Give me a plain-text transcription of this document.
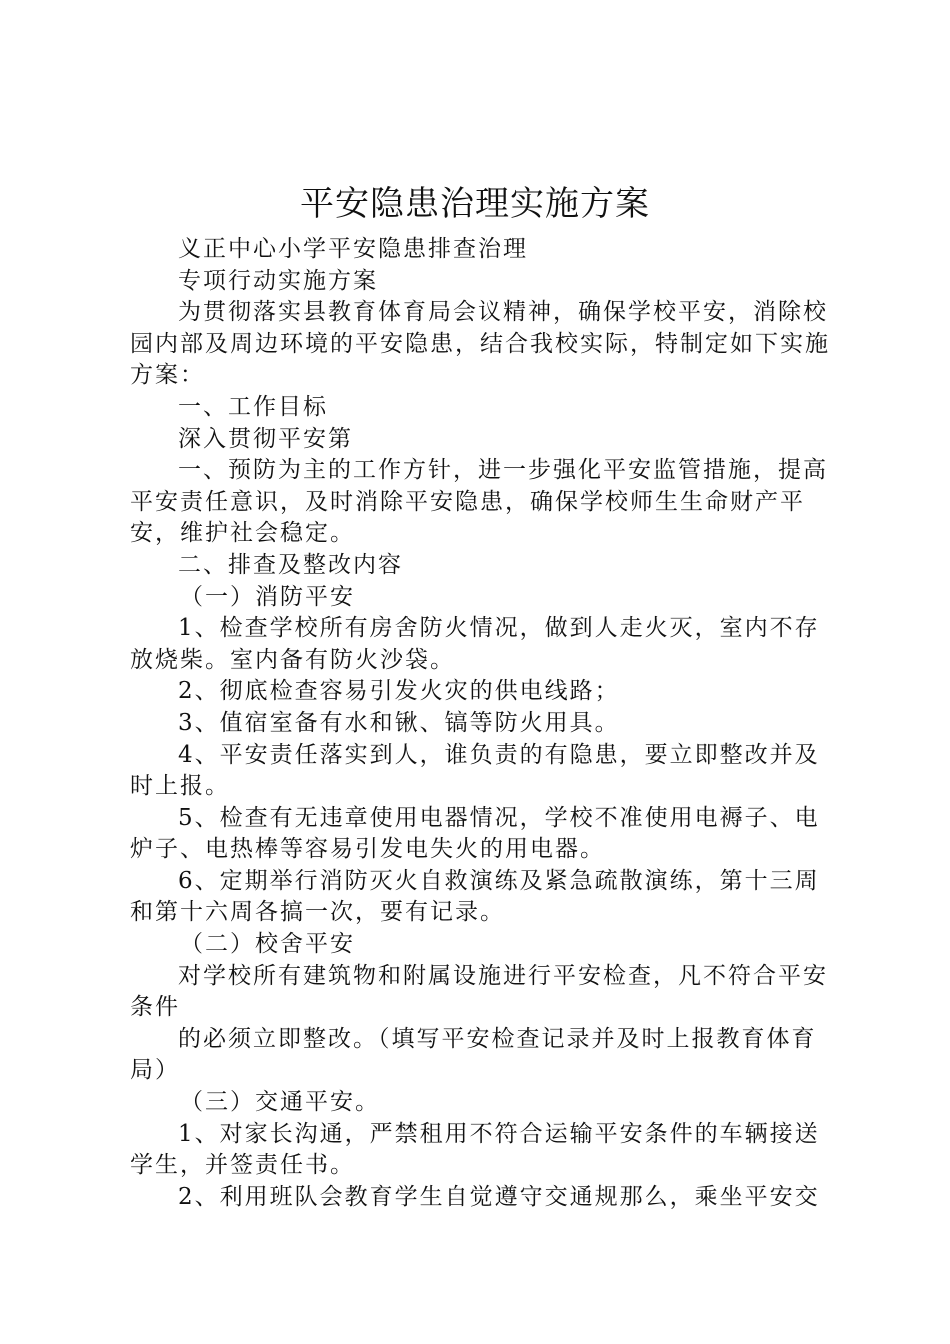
平安隐患治理实施方案

义正中心小学平安隐患排查治理

专项行动实施方案

为贯彻落实县教育体育局会议精神，确保学校平安，消除校园内部及周边环境的平安隐患，结合我校实际，特制定如下实施方案：

一、工作目标

深入贯彻平安第

一、预防为主的工作方针，进一步强化平安监管措施，提高平安责任意识，及时消除平安隐患，确保学校师生生命财产平安，维护社会稳定。

二、排查及整改内容

（一）消防平安

1、检查学校所有房舍防火情况，做到人走火灭，室内不存放烧柴。室内备有防火沙袋。

2、彻底检查容易引发火灾的供电线路；

3、值宿室备有水和锹、镐等防火用具。

4、平安责任落实到人，谁负责的有隐患，要立即整改并及时上报。

5、检查有无违章使用电器情况，学校不准使用电褥子、电炉子、电热棒等容易引发电失火的用电器。

6、定期举行消防灭火自救演练及紧急疏散演练，第十三周和第十六周各搞一次，要有记录。

（二）校舍平安

对学校所有建筑物和附属设施进行平安检查，凡不符合平安条件

的必须立即整改。（填写平安检查记录并及时上报教育体育局）

（三）交通平安。

1、对家长沟通，严禁租用不符合运输平安条件的车辆接送学生，并签责任书。

2、利用班队会教育学生自觉遵守交通规那么，乘坐平安交
